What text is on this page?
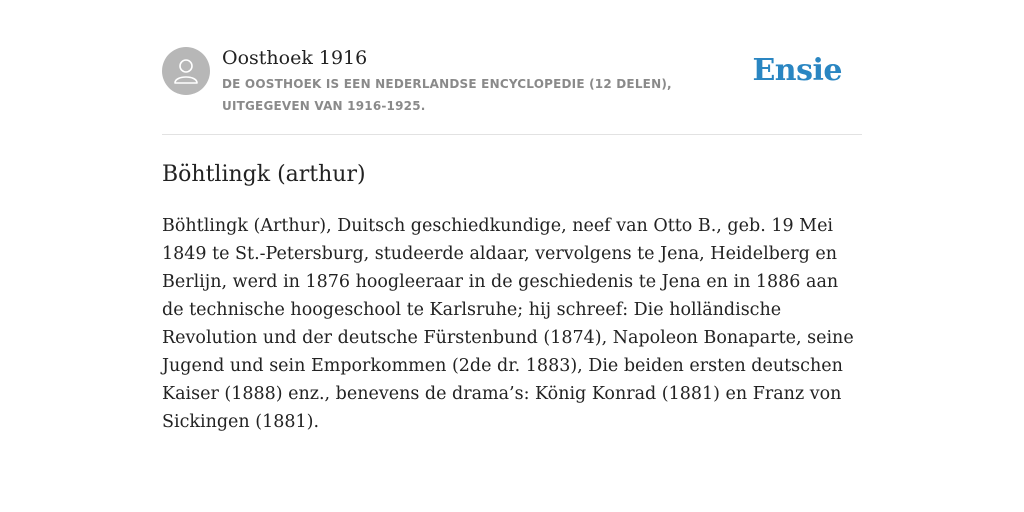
Oosthoek 1916
DE OOSTHOEK IS EEN NEDERLANDSE ENCYCLOPEDIE (12 DELEN), UITGEGEVEN VAN 1916-1925.
Ensie
Böhtlingk (arthur)

Böhtlingk (Arthur), Duitsch geschiedkundige, neef van Otto B., geb. 19 Mei 1849 te St.-Petersburg, studeerde aldaar, vervolgens te Jena, Heidelberg en Berlijn, werd in 1876 hoogleeraar in de geschiedenis te Jena en in 1886 aan de technische hoogeschool te Karlsruhe; hij schreef: Die holländische Revolution und der deutsche Fürstenbund (1874), Napoleon Bonaparte, seine Jugend und sein Emporkommen (2de dr. 1883), Die beiden ersten deutschen Kaiser (1888) enz., benevens de drama’s: König Konrad (1881) en Franz von Sickingen (1881).
